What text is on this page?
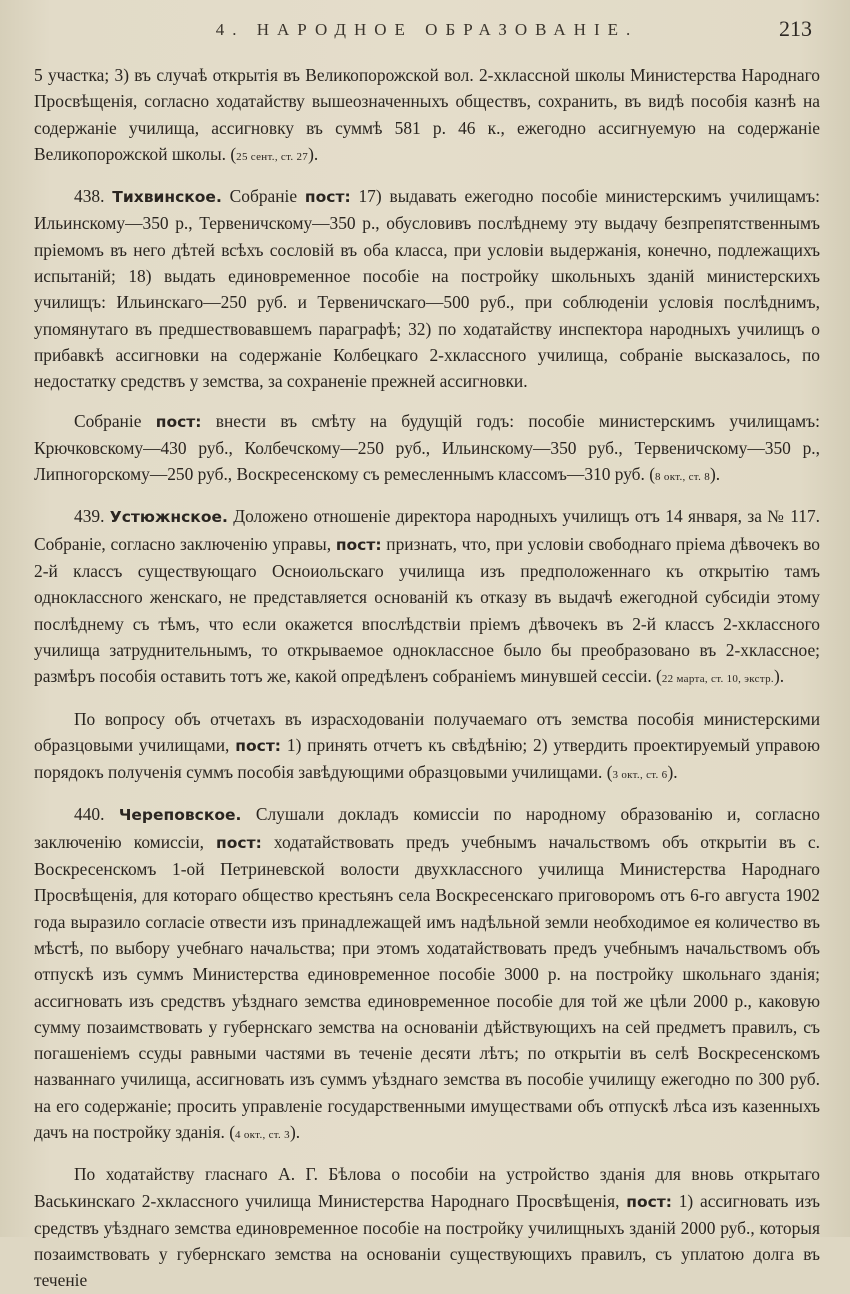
4. НАРОДНОЕ ОБРАЗОВАНІЕ.	213

5 участка; 3) въ случаѣ открытія въ Великопорожской вол. 2-хклассной школы Министерства Народнаго Просвѣщенія, согласно ходатайству вышеозначенныхъ обществъ, сохранить, въ видѣ пособія казнѣ на содержаніе училища, ассигновку въ суммѣ 581 р. 46 к., ежегодно ассигнуемую на содержаніе Великопорожской школы. (25 сент., ст. 27).

438. Тихвинское. Собраніе пост: 17) выдавать ежегодно пособіе министерскимъ училищамъ: Ильинскому—350 р., Тервеничскому—350 р., обусловивъ послѣднему эту выдачу безпрепятственнымъ пріемомъ въ него дѣтей всѣхъ сословій въ оба класса, при условіи выдержанія, конечно, подлежащихъ испытаній; 18) выдать единовременное пособіе на постройку школьныхъ зданій министерскихъ училищъ: Ильинскаго—250 руб. и Тервеничскаго—500 руб., при соблюденіи условія послѣднимъ, упомянутаго въ предшествовавшемъ параграфѣ; 32) по ходатайству инспектора народныхъ училищъ о прибавкѣ ассигновки на содержаніе Колбецкаго 2-хклассного училища, собраніе высказалось, по недостатку средствъ у земства, за сохраненіе прежней ассигновки.

Собраніе пост: внести въ смѣту на будущій годъ: пособіе министерскимъ училищамъ: Крючковскому—430 руб., Колбечскому—250 руб., Ильинскому—350 руб., Тервеничскому—350 р., Липногорскому—250 руб., Воскресенскому съ ремесленнымъ классомъ—310 руб. (8 окт., ст. 8).

439. Устюжнское. Доложено отношеніе директора народныхъ училищъ отъ 14 января, за № 117. Собраніе, согласно заключенію управы, пост: признать, что, при условіи свободнаго пріема дѣвочекъ во 2-й классъ существующаго Осноиольскаго училища изъ предположеннаго къ открытію тамъ одноклассного женскаго, не представляется основаній къ отказу въ выдачѣ ежегодной субсидіи этому послѣднему съ тѣмъ, что если окажется впослѣдствіи пріемъ дѣвочекъ въ 2-й классъ 2-хклассного училища затруднительнымъ, то открываемое одноклассное было бы преобразовано въ 2-хклассное; размѣръ пособія оставить тотъ же, какой опредѣленъ собраніемъ минувшей сессіи. (22 марта, ст. 10, экстр.).

По вопросу объ отчетахъ въ израсходованіи получаемаго отъ земства пособія министерскими образцовыми училищами, пост: 1) принять отчетъ къ свѣдѣнію; 2) утвердить проектируемый управою порядокъ полученія суммъ пособія завѣдующими образцовыми училищами. (3 окт., ст. 6).

440. Череповское. Слушали докладъ комиссіи по народному образованію и, согласно заключенію комиссіи, пост: ходатайствовать предъ учебнымъ начальствомъ объ открытіи въ с. Воскресенскомъ 1-ой Петриневской волости двухклассного училища Министерства Народнаго Просвѣщенія, для котораго общество крестьянъ села Воскресенскаго приговоромъ отъ 6-го августа 1902 года выразило согласіе отвести изъ принадлежащей имъ надѣльной земли необходимое ея количество въ мѣстѣ, по выбору учебнаго начальства; при этомъ ходатайствовать предъ учебнымъ начальствомъ объ отпускѣ изъ суммъ Министерства единовременное пособіе 3000 р. на постройку школьнаго зданія; ассигновать изъ средствъ уѣзднаго земства единовременное пособіе для той же цѣли 2000 р., каковую сумму позаимствовать у губернскаго земства на основаніи дѣйствующихъ на сей предметъ правилъ, съ погашеніемъ ссуды равными частями въ теченіе десяти лѣтъ; по открытіи въ селѣ Воскресенскомъ названнаго училища, ассигновать изъ суммъ уѣзднаго земства въ пособіе училищу ежегодно по 300 руб. на его содержаніе; просить управленіе государственными имуществами объ отпускѣ лѣса изъ казенныхъ дачъ на постройку зданія. (4 окт., ст. 3).

По ходатайству гласнаго А. Г. Бѣлова о пособіи на устройство зданія для вновь открытаго Васькинскаго 2-хклассного училища Министерства Народнаго Просвѣщенія, пост: 1) ассигновать изъ средствъ уѣзднаго земства единовременное пособіе на постройку училищныхъ зданій 2000 руб., которыя позаимствовать у губернскаго земства на основаніи существующихъ правилъ, съ уплатою долга въ теченіе
